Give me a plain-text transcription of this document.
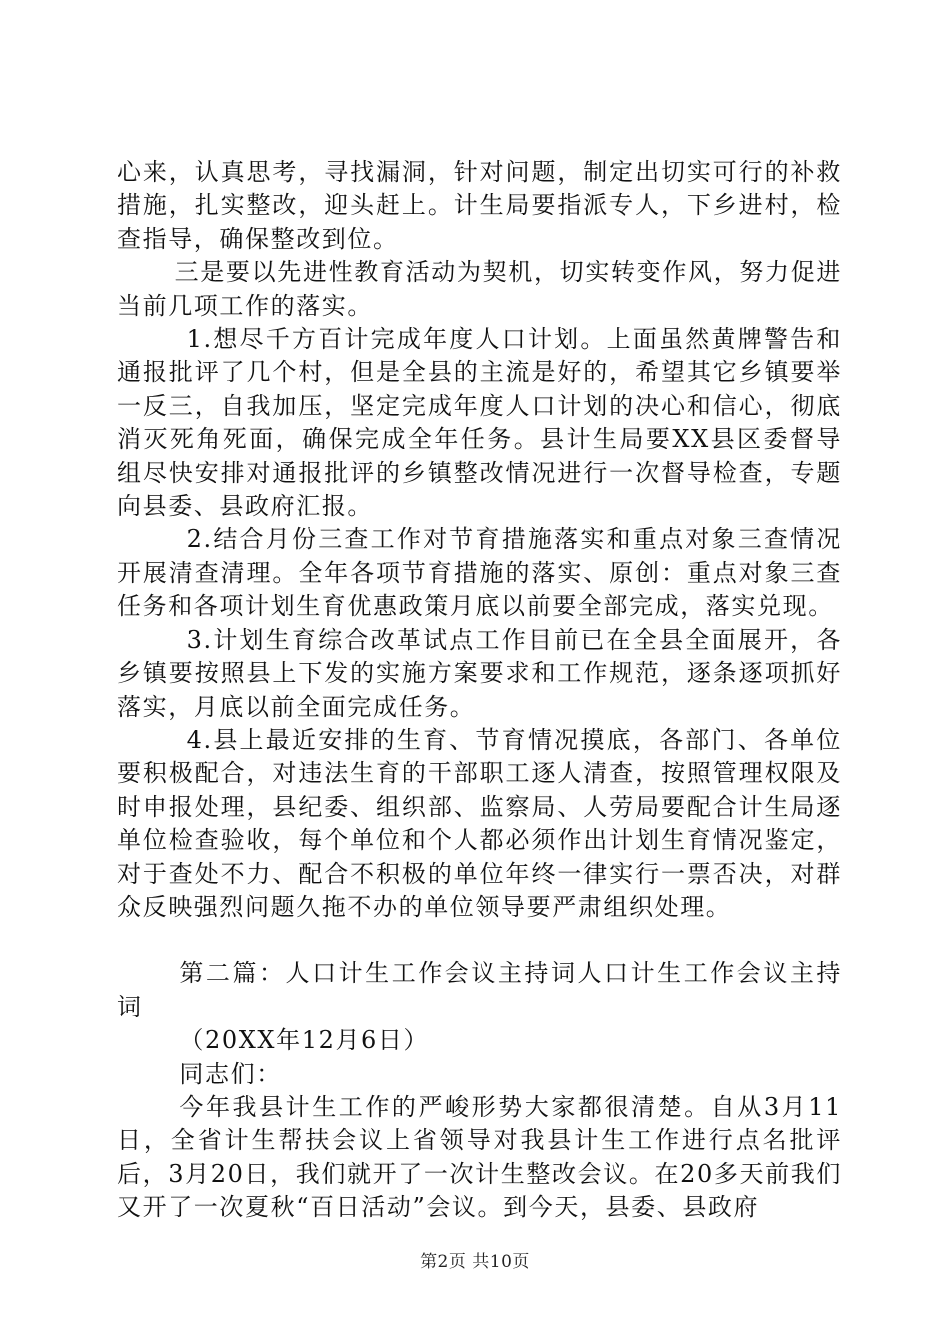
心来，认真思考，寻找漏洞，针对问题，制定出切实可行的补救措施，扎实整改，迎头赶上。计生局要指派专人，下乡进村，检查指导，确保整改到位。

三是要以先进性教育活动为契机，切实转变作风，努力促进当前几项工作的落实。

1.想尽千方百计完成年度人口计划。上面虽然黄牌警告和通报批评了几个村，但是全县的主流是好的，希望其它乡镇要举一反三，自我加压，坚定完成年度人口计划的决心和信心，彻底消灭死角死面，确保完成全年任务。县计生局要XX县区委督导组尽快安排对通报批评的乡镇整改情况进行一次督导检查，专题向县委、县政府汇报。

2.结合月份三查工作对节育措施落实和重点对象三查情况开展清查清理。全年各项节育措施的落实、原创：重点对象三查任务和各项计划生育优惠政策月底以前要全部完成，落实兑现。

3.计划生育综合改革试点工作目前已在全县全面展开，各乡镇要按照县上下发的实施方案要求和工作规范，逐条逐项抓好落实，月底以前全面完成任务。

4.县上最近安排的生育、节育情况摸底，各部门、各单位要积极配合，对违法生育的干部职工逐人清查，按照管理权限及时申报处理，县纪委、组织部、监察局、人劳局要配合计生局逐单位检查验收，每个单位和个人都必须作出计划生育情况鉴定，对于查处不力、配合不积极的单位年终一律实行一票否决，对群众反映强烈问题久拖不办的单位领导要严肃组织处理。

第二篇：人口计生工作会议主持词人口计生工作会议主持词

（20XX年12月6日）

同志们：

今年我县计生工作的严峻形势大家都很清楚。自从3月11日，全省计生帮扶会议上省领导对我县计生工作进行点名批评后，3月20日，我们就开了一次计生整改会议。在20多天前我们又开了一次夏秋“百日活动”会议。到今天，县委、县政府

第2页 共10页
